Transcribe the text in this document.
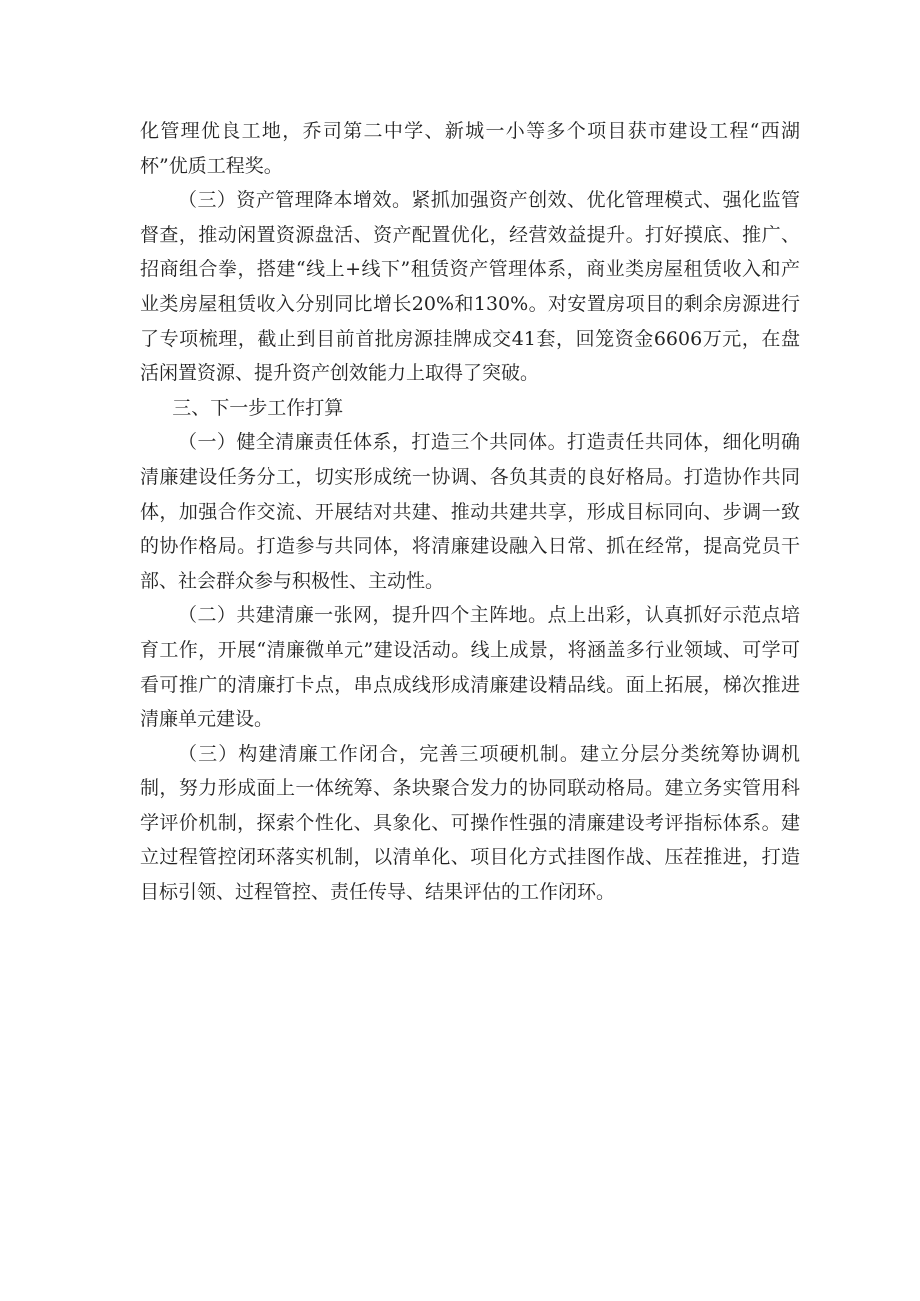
化管理优良工地，乔司第二中学、新城一小等多个项目获市建设工程“西湖杯”优质工程奖。

（三）资产管理降本增效。紧抓加强资产创效、优化管理模式、强化监管督查，推动闲置资源盘活、资产配置优化，经营效益提升。打好摸底、推广、招商组合拳，搭建“线上+线下”租赁资产管理体系，商业类房屋租赁收入和产业类房屋租赁收入分别同比增长20%和130%。对安置房项目的剩余房源进行了专项梳理，截止到目前首批房源挂牌成交41套，回笼资金6606万元，在盘活闲置资源、提升资产创效能力上取得了突破。

三、下一步工作打算

（一）健全清廉责任体系，打造三个共同体。打造责任共同体，细化明确清廉建设任务分工，切实形成统一协调、各负其责的良好格局。打造协作共同体，加强合作交流、开展结对共建、推动共建共享，形成目标同向、步调一致的协作格局。打造参与共同体，将清廉建设融入日常、抓在经常，提高党员干部、社会群众参与积极性、主动性。

（二）共建清廉一张网，提升四个主阵地。点上出彩，认真抓好示范点培育工作，开展“清廉微单元”建设活动。线上成景，将涵盖多行业领域、可学可看可推广的清廉打卡点，串点成线形成清廉建设精品线。面上拓展，梯次推进清廉单元建设。

（三）构建清廉工作闭合，完善三项硬机制。建立分层分类统筹协调机制，努力形成面上一体统筹、条块聚合发力的协同联动格局。建立务实管用科学评价机制，探索个性化、具象化、可操作性强的清廉建设考评指标体系。建立过程管控闭环落实机制，以清单化、项目化方式挂图作战、压茬推进，打造目标引领、过程管控、责任传导、结果评估的工作闭环。
